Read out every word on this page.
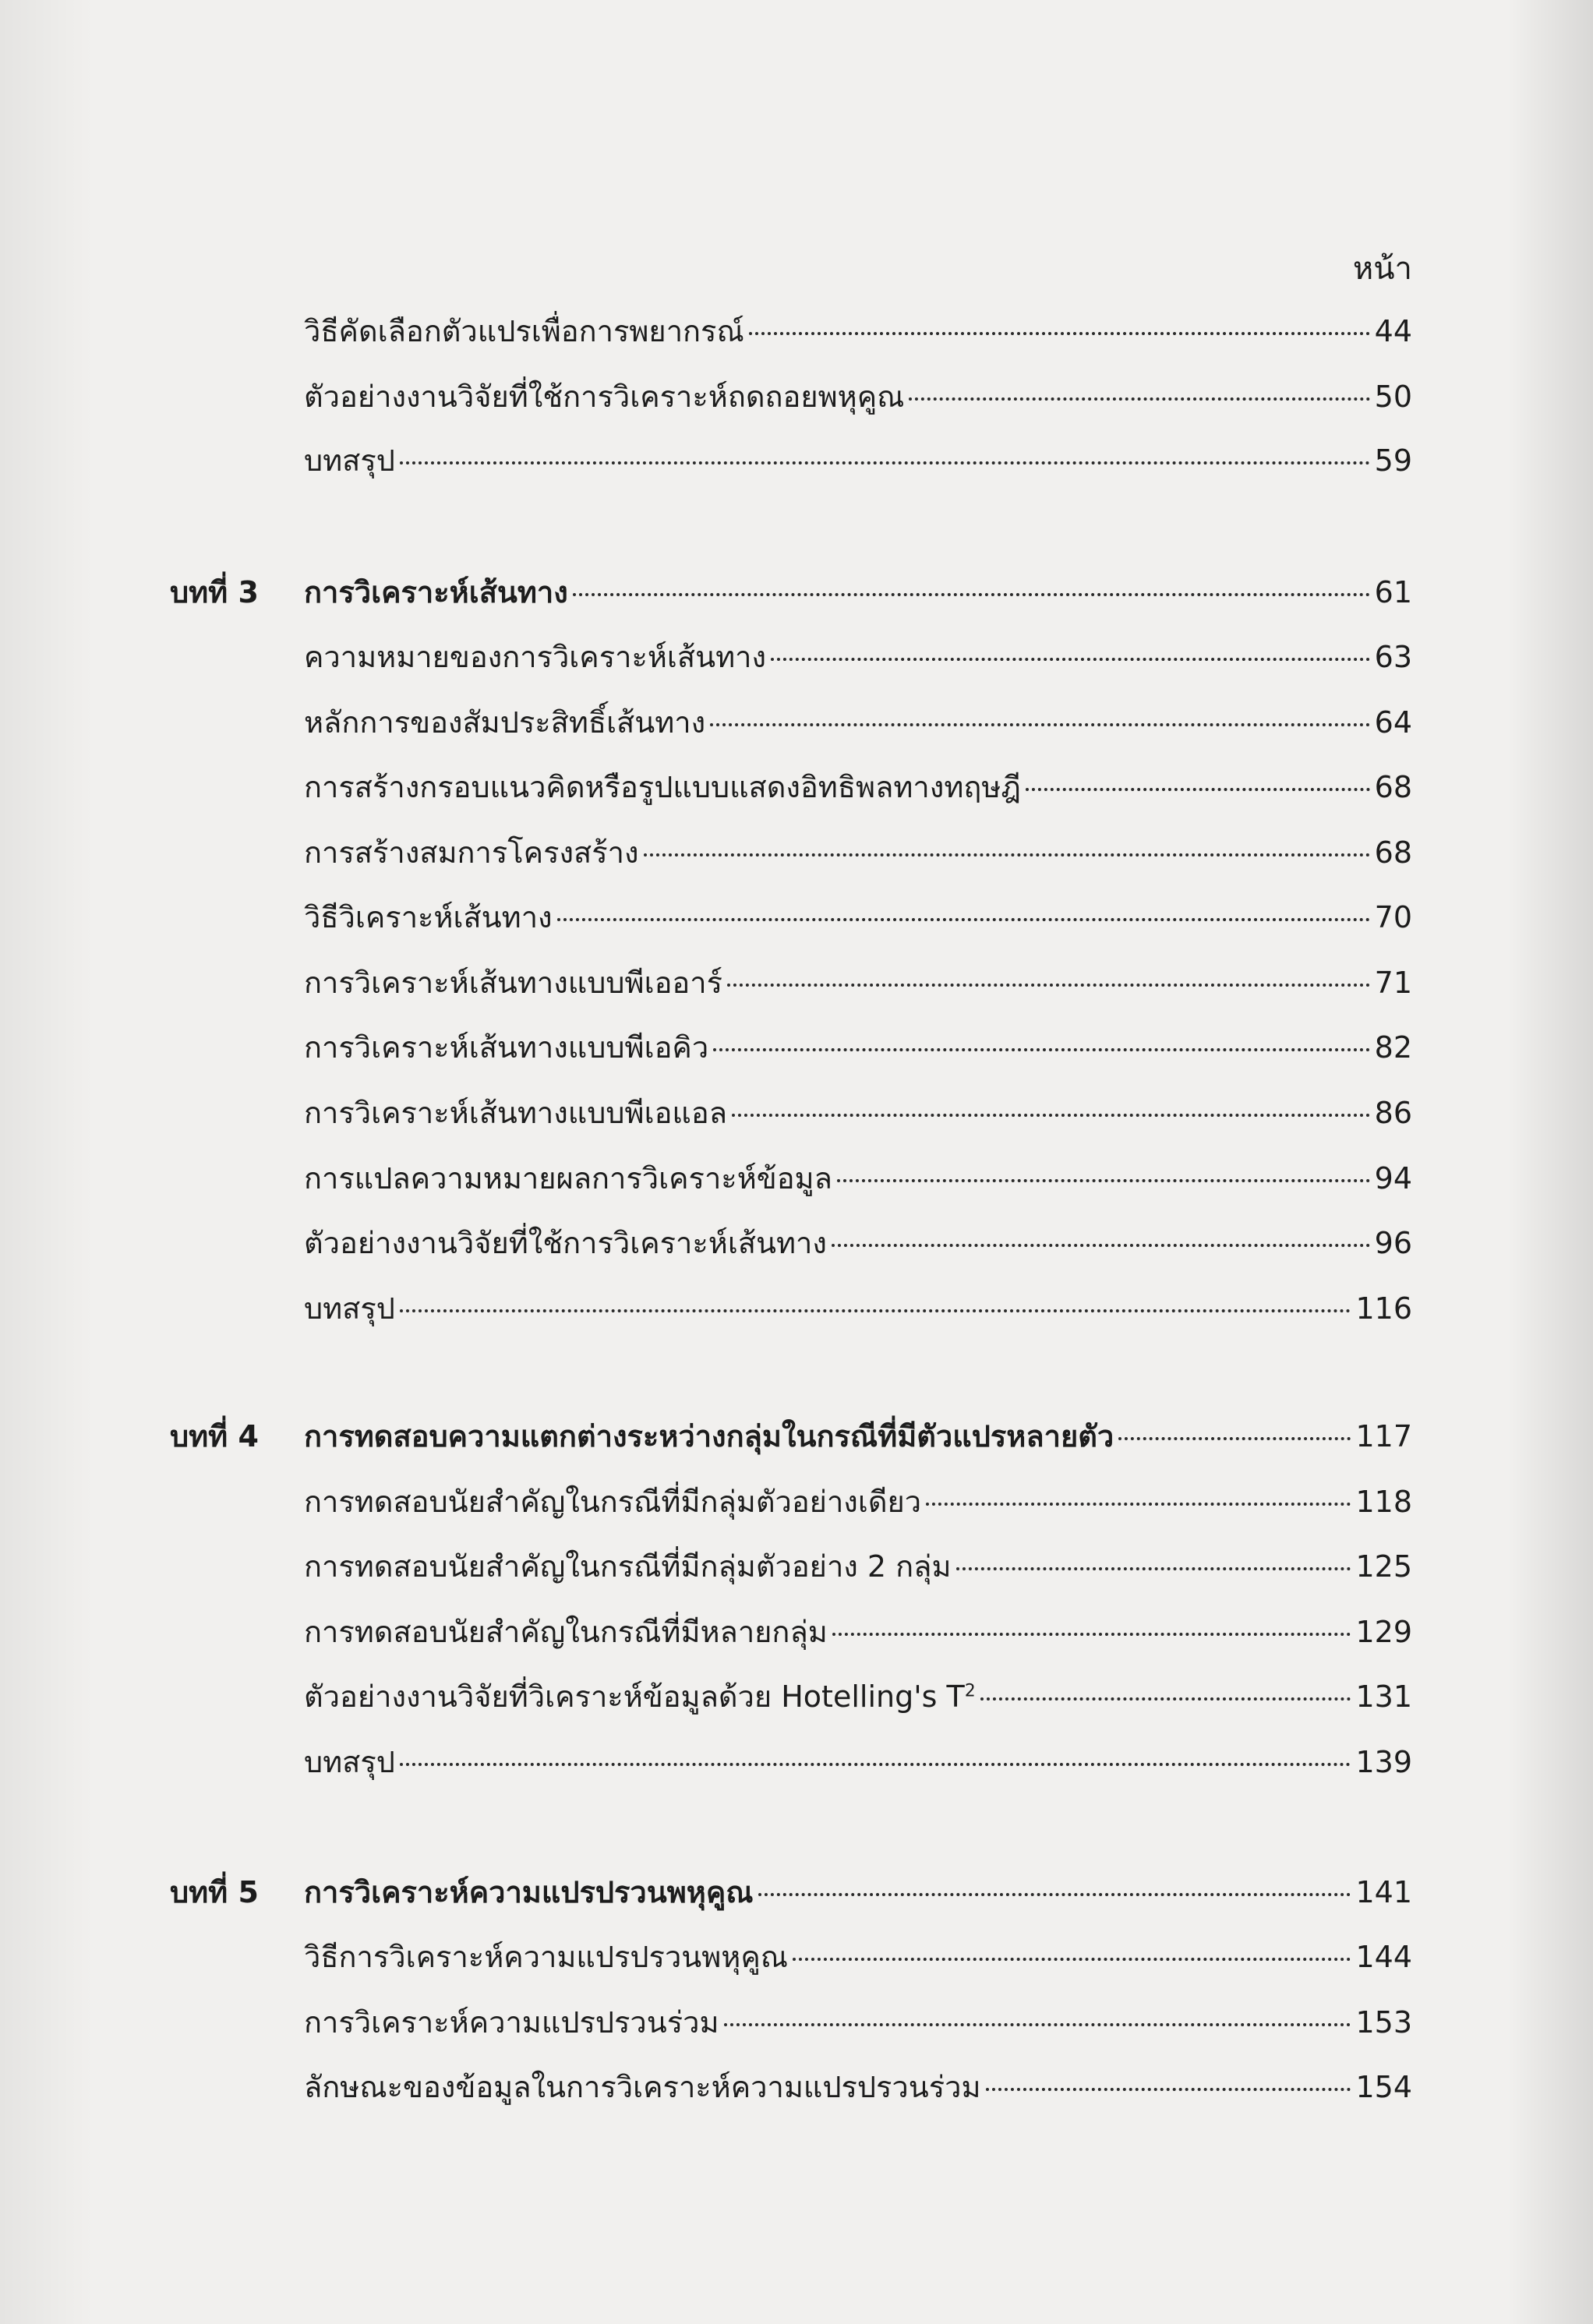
หน้า
วิธีคัดเลือกตัวแปรเพื่อการพยากรณ์	44
ตัวอย่างงานวิจัยที่ใช้การวิเคราะห์ถดถอยพหุคูณ	50
บทสรุป	59
บทที่ 3 การวิเคราะห์เส้นทาง	61
ความหมายของการวิเคราะห์เส้นทาง	63
หลักการของสัมประสิทธิ์เส้นทาง	64
การสร้างกรอบแนวคิดหรือรูปแบบแสดงอิทธิพลทางทฤษฎี	68
การสร้างสมการโครงสร้าง	68
วิธีวิเคราะห์เส้นทาง	70
การวิเคราะห์เส้นทางแบบพีเออาร์	71
การวิเคราะห์เส้นทางแบบพีเอคิว	82
การวิเคราะห์เส้นทางแบบพีเอแอล	86
การแปลความหมายผลการวิเคราะห์ข้อมูล	94
ตัวอย่างงานวิจัยที่ใช้การวิเคราะห์เส้นทาง	96
บทสรุป	116
บทที่ 4 การทดสอบความแตกต่างระหว่างกลุ่มในกรณีที่มีตัวแปรหลายตัว	117
การทดสอบนัยสำคัญในกรณีที่มีกลุ่มตัวอย่างเดียว	118
การทดสอบนัยสำคัญในกรณีที่มีกลุ่มตัวอย่าง 2 กลุ่ม	125
การทดสอบนัยสำคัญในกรณีที่มีหลายกลุ่ม	129
ตัวอย่างงานวิจัยที่วิเคราะห์ข้อมูลด้วย Hotelling's $T^2$	131
บทสรุป	139
บทที่ 5 การวิเคราะห์ความแปรปรวนพหุคูณ	141
วิธีการวิเคราะห์ความแปรปรวนพหุคูณ	144
การวิเคราะห์ความแปรปรวนร่วม	153
ลักษณะของข้อมูลในการวิเคราะห์ความแปรปรวนร่วม	154
